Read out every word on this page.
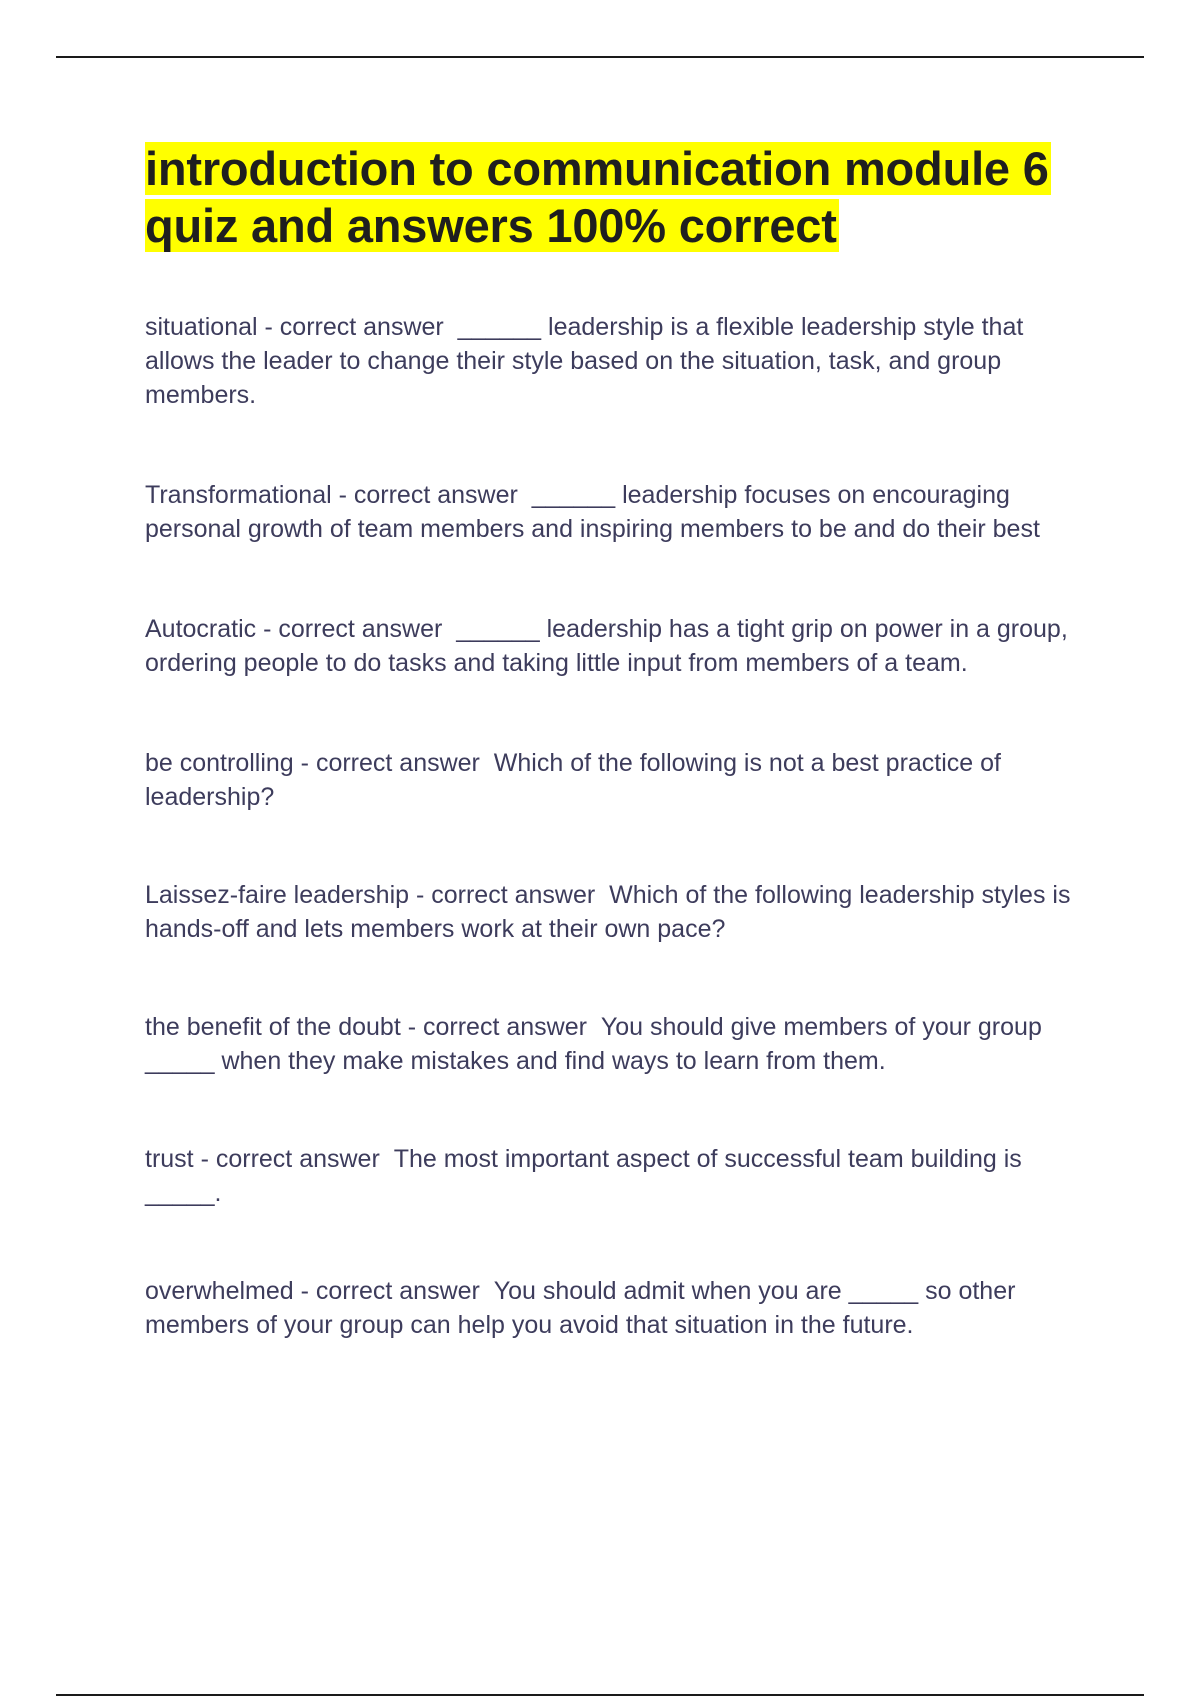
introduction to communication module 6 quiz and answers 100% correct
situational - correct answer ______ leadership is a flexible leadership style that allows the leader to change their style based on the situation, task, and group members.
Transformational - correct answer ______ leadership focuses on encouraging personal growth of team members and inspiring members to be and do their best
Autocratic - correct answer ______ leadership has a tight grip on power in a group, ordering people to do tasks and taking little input from members of a team.
be controlling - correct answer Which of the following is not a best practice of leadership?
Laissez-faire leadership - correct answer Which of the following leadership styles is hands-off and lets members work at their own pace?
the benefit of the doubt - correct answer You should give members of your group _____ when they make mistakes and find ways to learn from them.
trust - correct answer The most important aspect of successful team building is _____.
overwhelmed - correct answer You should admit when you are _____ so other members of your group can help you avoid that situation in the future.
